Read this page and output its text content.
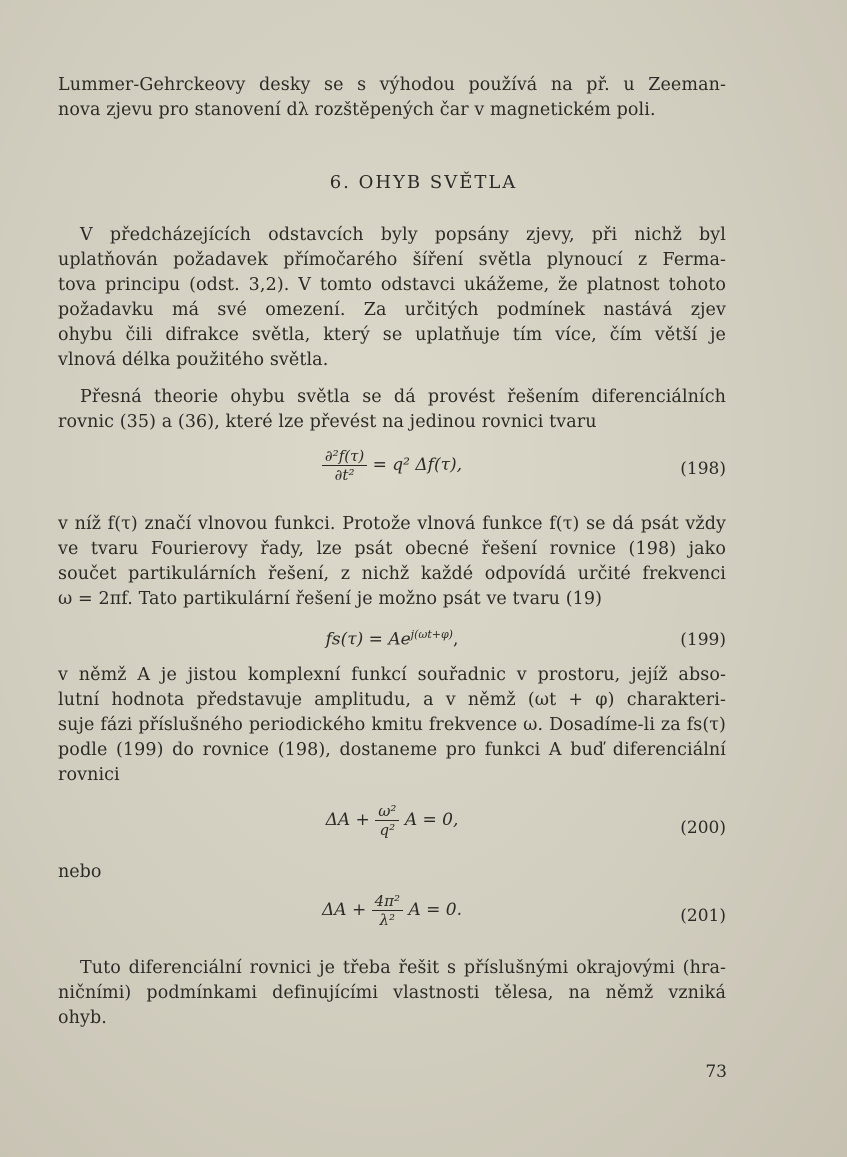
Lummer-Gehrckeovy desky se s výhodou používá na př. u Zeeman-
nova zjevu pro stanovení dλ rozštěpených čar v magnetickém poli.
6. OHYB SVĚTLA
V předcházejících odstavcích byly popsány zjevy, při nichž byl
uplatňován požadavek přímočarého šíření světla plynoucí z Ferma-
tova principu (odst. 3,2). V tomto odstavci ukážeme, že platnost tohoto
požadavku má své omezení. Za určitých podmínek nastává zjev
ohybu čili difrakce světla, který se uplatňuje tím více, čím větší je
vlnová délka použitého světla.
Přesná theorie ohybu světla se dá provést řešením diferenciálních
rovnic (35) a (36), které lze převést na jedinou rovnici tvaru
$\frac{\text{∂²f(τ)}}{\text{∂t²}} = q^2$ Δf(τ),	(198)
v níž f(τ) značí vlnovou funkci. Protože vlnová funkce f(τ) se dá psát vždy
ve tvaru Fourierovy řady, lze psát obecné řešení rovnice (198) jako
součet partikulárních řešení, z nichž každé odpovídá určité frekvenci
ω = 2πf. Tato partikulární řešení je možno psát ve tvaru (19)
$fs(\tau) = Ae^{j(\omega t+\varphi)}$,	(199)
v němž A je jistou komplexní funkcí souřadnic v prostoru, jejíž abso-
lutní hodnota představuje amplitudu, a v němž (ωt + φ) charakteri-
suje fázi příslušného periodického kmitu frekvence ω. Dosadíme-li za fs(τ)
podle (199) do rovnice (198), dostaneme pro funkci A buď diferenciální
rovnici
$\Delta A + \frac{\text{ω²}}{\text{q²}}$ A = 0,	(200)
nebo
$\Delta A + \frac{\text{4π²}}{\text{λ²}}$ A = 0.	(201)
Tuto diferenciální rovnici je třeba řešit s příslušnými okrajovými (hra-
ničními) podmínkami definujícími vlastnosti tělesa, na němž vzniká
ohyb.
73
